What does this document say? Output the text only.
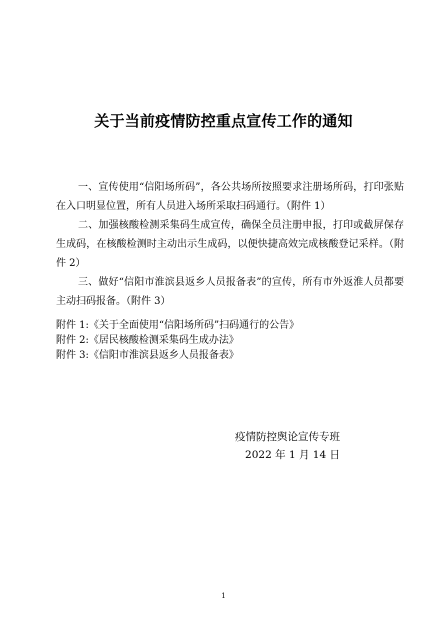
关于当前疫情防控重点宣传工作的通知

一、宣传使用“信阳场所码”，各公共场所按照要求注册场所码，打印张贴在入口明显位置，所有人员进入场所采取扫码通行。（附件 1）

二、加强核酸检测采集码生成宣传，确保全员注册申报，打印或截屏保存生成码，在核酸检测时主动出示生成码，以便快捷高效完成核酸登记采样。（附件 2）

三、做好“信阳市淮滨县返乡人员报备表”的宣传，所有市外返淮人员都要主动扫码报备。（附件 3）

附件 1:《关于全面使用“信阳场所码”扫码通行的公告》
附件 2:《居民核酸检测采集码生成办法》
附件 3:《信阳市淮滨县返乡人员报备表》
疫情防控舆论宣传专班
2022 年 1 月 14 日
1
